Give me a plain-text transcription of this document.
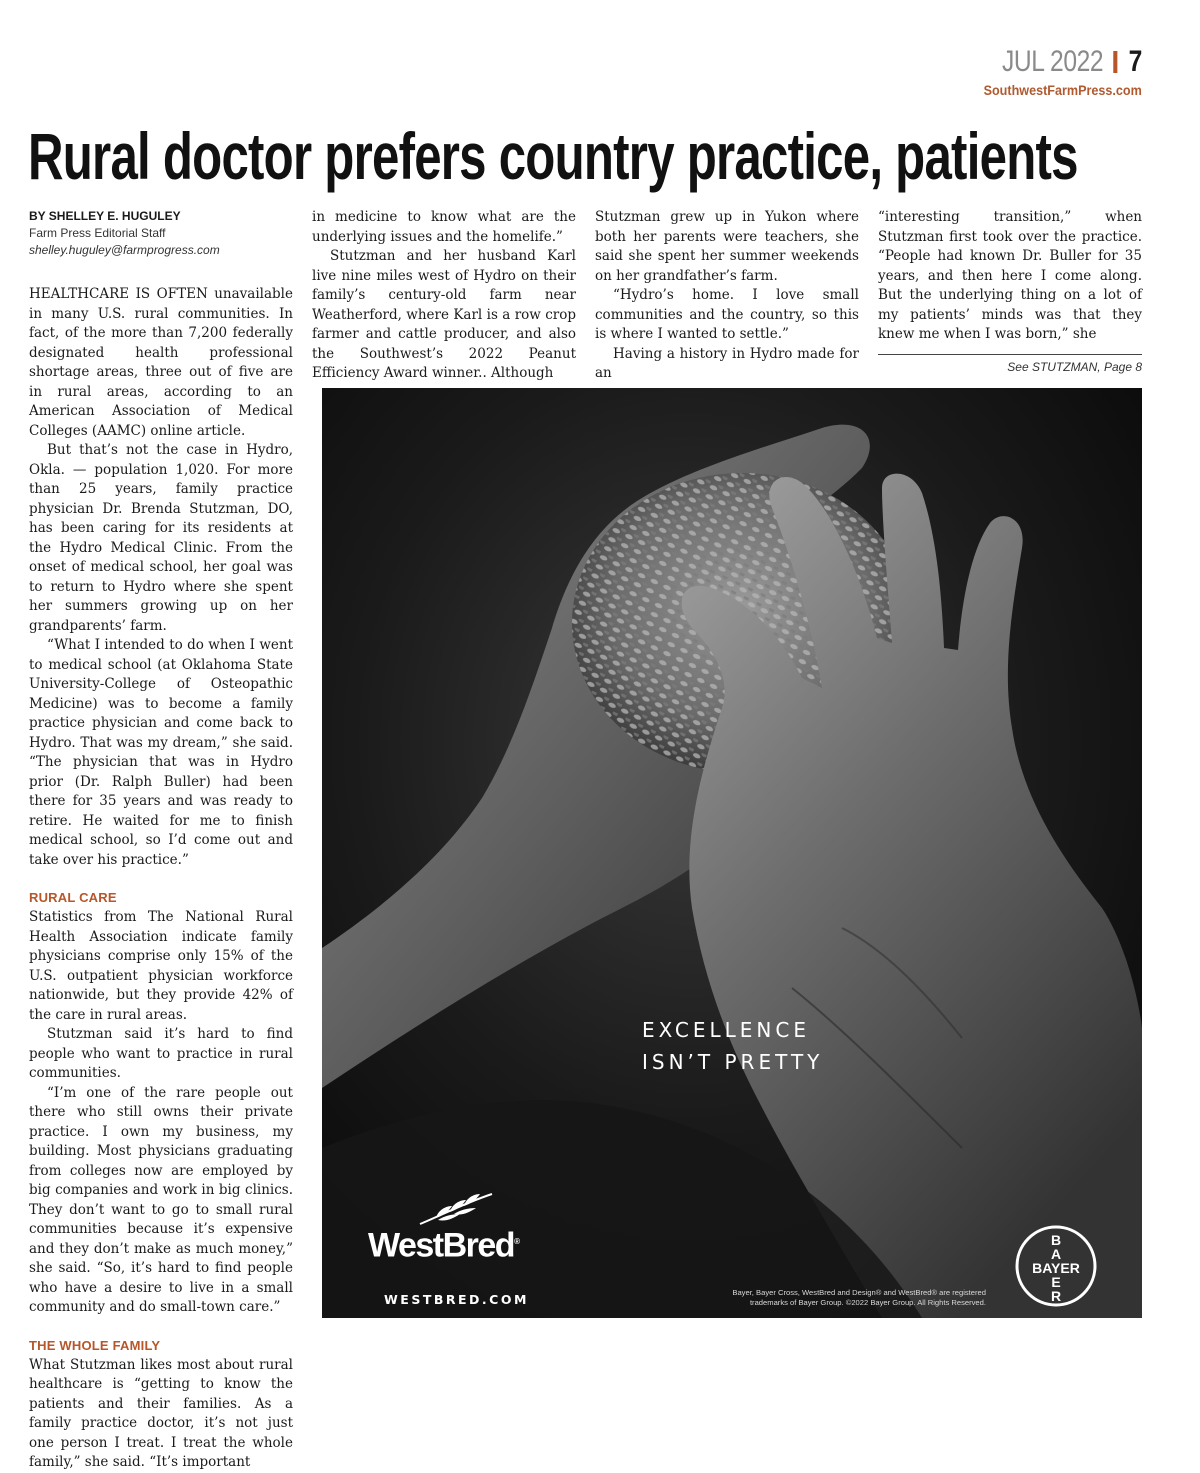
JUL 2022 7
SouthwestFarmPress.com
Rural doctor prefers country practice, patients
BY SHELLEY E. HUGULEY
Farm Press Editorial Staff
shelley.huguley@farmprogress.com

HEALTHCARE IS OFTEN unavailable in many U.S. rural communities. In fact, of the more than 7,200 federally designated health professional shortage areas, three out of five are in rural areas, according to an American Association of Medical Colleges (AAMC) online article.

But that’s not the case in Hydro, Okla. — population 1,020. For more than 25 years, family practice physician Dr. Brenda Stutzman, DO, has been caring for its residents at the Hydro Medical Clinic. From the onset of medical school, her goal was to return to Hydro where she spent her summers growing up on her grandparents’ farm.

“What I intended to do when I went to medical school (at Oklahoma State University-College of Osteopathic Medicine) was to become a family practice physician and come back to Hydro. That was my dream,” she said. “The physician that was in Hydro prior (Dr. Ralph Buller) had been there for 35 years and was ready to retire. He waited for me to finish medical school, so I’d come out and take over his practice.”

RURAL CARE

Statistics from The National Rural Health Association indicate family physicians comprise only 15% of the U.S. outpatient physician workforce nationwide, but they provide 42% of the care in rural areas.

Stutzman said it’s hard to find people who want to practice in rural communities.

“I’m one of the rare people out there who still owns their private practice. I own my business, my building. Most physicians graduating from colleges now are employed by big companies and work in big clinics. They don’t want to go to small rural communities because it’s expensive and they don’t make as much money,” she said. “So, it’s hard to find people who have a desire to live in a small community and do small-town care.”

THE WHOLE FAMILY

What Stutzman likes most about rural healthcare is “getting to know the patients and their families. As a family practice doctor, it’s not just one person I treat. I treat the whole family,” she said. “It’s important

in medicine to know what are the underlying issues and the homelife.”

Stutzman and her husband Karl live nine miles west of Hydro on their family’s century-old farm near Weatherford, where Karl is a row crop farmer and cattle producer, and also the Southwest’s 2022 Peanut Efficiency Award winner.. Although

Stutzman grew up in Yukon where both her parents were teachers, she said she spent her summer weekends on her grandfather’s farm.

“Hydro’s home. I love small communities and the country, so this is where I wanted to settle.”

Having a history in Hydro made for an

“interesting transition,” when Stutzman first took over the practice. “People had known Dr. Buller for 35 years, and then here I come along. But the underlying thing on a lot of my patients’ minds was that they knew me when I was born,” she

See STUTZMAN, Page 8
EXCELLENCE
ISN’T PRETTY
WestBred®
WESTBRED.COM	Bayer, Bayer Cross, WestBred and Design® and WestBred® are registered
trademarks of Bayer Group. ©2022 Bayer Group. All Rights Reserved.
B
A
BAYER
E
R
